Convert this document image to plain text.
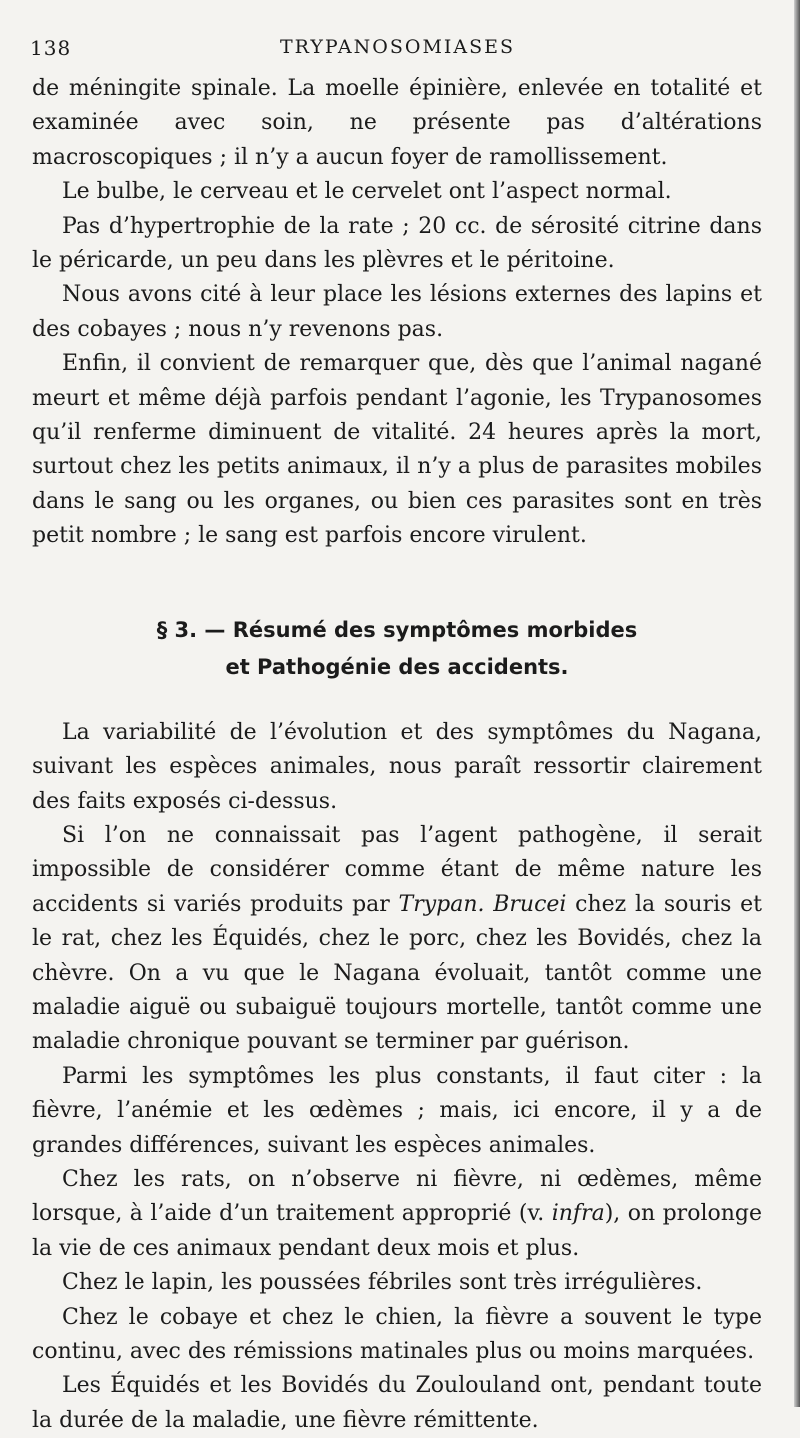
138	TRYPANOSOMIASES

de méningite spinale. La moelle épinière, enlevée en totalité et examinée avec soin, ne présente pas d’altérations macroscopiques ; il n’y a aucun foyer de ramollissement.

Le bulbe, le cerveau et le cervelet ont l’aspect normal.

Pas d’hypertrophie de la rate ; 20 cc. de sérosité citrine dans le péricarde, un peu dans les plèvres et le péritoine.

Nous avons cité à leur place les lésions externes des lapins et des cobayes ; nous n’y revenons pas.

Enfin, il convient de remarquer que, dès que l’animal nagané meurt et même déjà parfois pendant l’agonie, les Trypanosomes qu’il renferme diminuent de vitalité. 24 heures après la mort, surtout chez les petits animaux, il n’y a plus de parasites mobiles dans le sang ou les organes, ou bien ces parasites sont en très petit nombre ; le sang est parfois encore virulent.

§ 3. — Résumé des symptômes morbides
et Pathogénie des accidents.

La variabilité de l’évolution et des symptômes du Nagana, suivant les espèces animales, nous paraît ressortir clairement des faits exposés ci-dessus.

Si l’on ne connaissait pas l’agent pathogène, il serait impossible de considérer comme étant de même nature les accidents si variés produits par Trypan. Brucei chez la souris et le rat, chez les Équidés, chez le porc, chez les Bovidés, chez la chèvre. On a vu que le Nagana évoluait, tantôt comme une maladie aiguë ou subaiguë toujours mortelle, tantôt comme une maladie chronique pouvant se terminer par guérison.

Parmi les symptômes les plus constants, il faut citer : la fièvre, l’anémie et les œdèmes ; mais, ici encore, il y a de grandes différences, suivant les espèces animales.

Chez les rats, on n’observe ni fièvre, ni œdèmes, même lorsque, à l’aide d’un traitement approprié (v. infra), on prolonge la vie de ces animaux pendant deux mois et plus.

Chez le lapin, les poussées fébriles sont très irrégulières.

Chez le cobaye et chez le chien, la fièvre a souvent le type continu, avec des rémissions matinales plus ou moins marquées.

Les Équidés et les Bovidés du Zoulouland ont, pendant toute la durée de la maladie, une fièvre rémittente.
